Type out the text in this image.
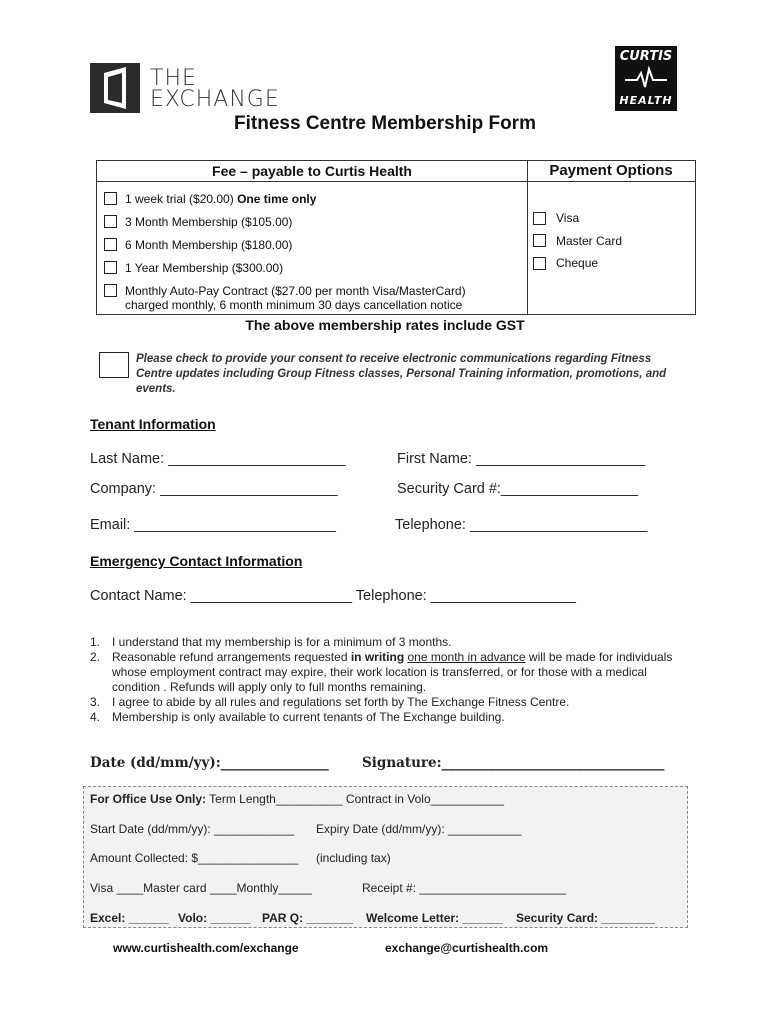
THE
EXCHANGE
CURTIS
HEALTH
Fitness Centre Membership Form
Fee – payable to Curtis Health	Payment Options
1 week trial ($20.00) One time only
3 Month Membership ($105.00)
6 Month Membership ($180.00)
1 Year Membership ($300.00)
Monthly Auto-Pay Contract ($27.00 per month Visa/MasterCard)
charged monthly, 6 month minimum 30 days cancellation notice
Visa
Master Card
Cheque
The above membership rates include GST
Please check to provide your consent to receive electronic communications regarding Fitness Centre updates including Group Fitness classes, Personal Training information, promotions, and events.
Tenant Information
Last Name: ______________________	First Name: _____________________
Company: ______________________	Security Card #:_________________
Email: _________________________	Telephone: ______________________
Emergency Contact Information
Contact Name: ____________________ Telephone: __________________
1. I understand that my membership is for a minimum of 3 months.
2. Reasonable refund arrangements requested in writing one month in advance will be made for individuals whose employment contract may expire, their work location is transferred, or for those with a medical condition . Refunds will apply only to full months remaining.
3. I agree to abide by all rules and regulations set forth by The Exchange Fitness Centre.
4. Membership is only available to current tenants of The Exchange building.
Date (dd/mm/yy):________________ Signature:_________________________________
For Office Use Only: Term Length__________ Contract in Volo___________
Start Date (dd/mm/yy): ____________ Expiry Date (dd/mm/yy): ___________
Amount Collected: $_______________ (including tax)
Visa ____Master card ____Monthly_____	Receipt #: ______________________
Excel: ______ Volo: ______ PAR Q: _______ Welcome Letter: ______ Security Card: ________
www.curtishealth.com/exchange	exchange@curtishealth.com
